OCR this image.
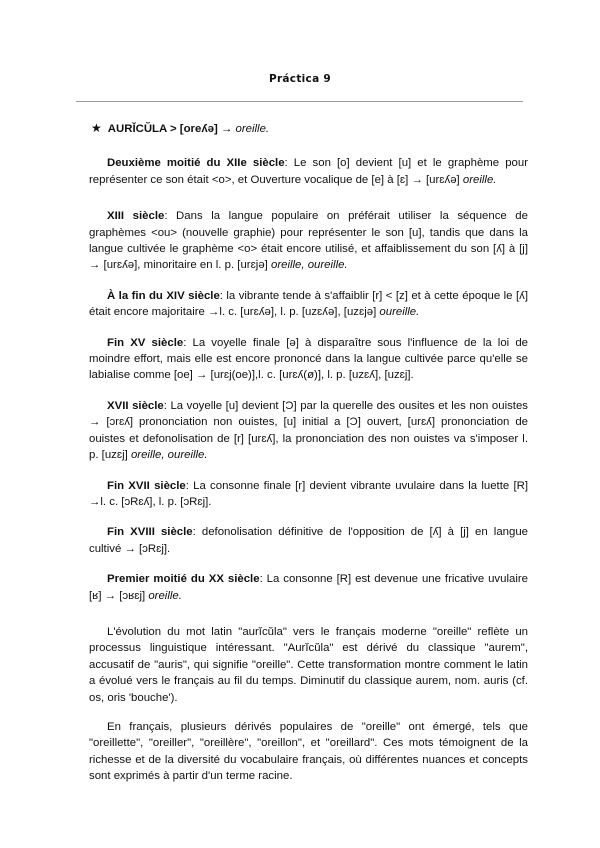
Práctica 9
★ AURĬCŬLA > [oreʎə] → oreille.

Deuxième moitié du XIIe siècle: Le son [o] devient [u] et le graphème pour représenter ce son était <o>, et Ouverture vocalique de [e] à [ɛ] → [urɛʎə] oreille.

XIII siècle: Dans la langue populaire on préférait utiliser la séquence de graphèmes <ou> (nouvelle graphie) pour représenter le son [u], tandis que dans la langue cultivée le graphème <o> était encore utilisé, et affaiblissement du son [ʎ] à [j] → [urɛʎə], minoritaire en l. p. [urɛjə] oreille, oureille.

À la fin du XIV siècle: la vibrante tende à s'affaiblir [r] < [z] et à cette époque le [ʎ] était encore majoritaire →l. c. [urɛʎə], l. p. [uzɛʎə], [uzɛjə] oureille.

Fin XV siècle: La voyelle finale [ə] à disparaître sous l'influence de la loi de moindre effort, mais elle est encore prononcé dans la langue cultivée parce qu'elle se labialise comme [oe] → [urɛj(oe)],l. c. [urɛʎ(ø)], l. p. [uzɛʎ], [uzɛj].

XVII siècle: La voyelle [u] devient [Ɔ] par la querelle des ousites et les non ouistes → [ɔrɛʎ] prononciation non ouistes, [u] initial a [Ɔ] ouvert, [urɛʎ] prononciation de ouistes et defonolisation de [r] [urɛʎ], la prononciation des non ouistes va s'imposer l. p. [uzɛj] oreille, oureille.

Fin XVII siècle: La consonne finale [r] devient vibrante uvulaire dans la luette [R] →l. c. [ɔRɛʎ], l. p. [ɔRɛj].

Fin XVIII siècle: defonolisation définitive de l'opposition de [ʎ] à [j] en langue cultivé → [ɔRɛj].

Premier moitié du XX siècle: La consonne [R] est devenue une fricative uvulaire [ʁ] → [ɔʁɛj] oreille.

L'évolution du mot latin "aurĭcŭla" vers le français moderne "oreille" reflète un processus linguistique intéressant. "Aurĭcŭla" est dérivé du classique "aurem", accusatif de "auris", qui signifie "oreille". Cette transformation montre comment le latin a évolué vers le français au fil du temps. Diminutif du classique aurem, nom. auris (cf. os, oris 'bouche').

En français, plusieurs dérivés populaires de "oreille" ont émergé, tels que "oreillette", "oreiller", "oreillère", "oreillon", et "oreillard". Ces mots témoignent de la richesse et de la diversité du vocabulaire français, où différentes nuances et concepts sont exprimés à partir d'un terme racine.
